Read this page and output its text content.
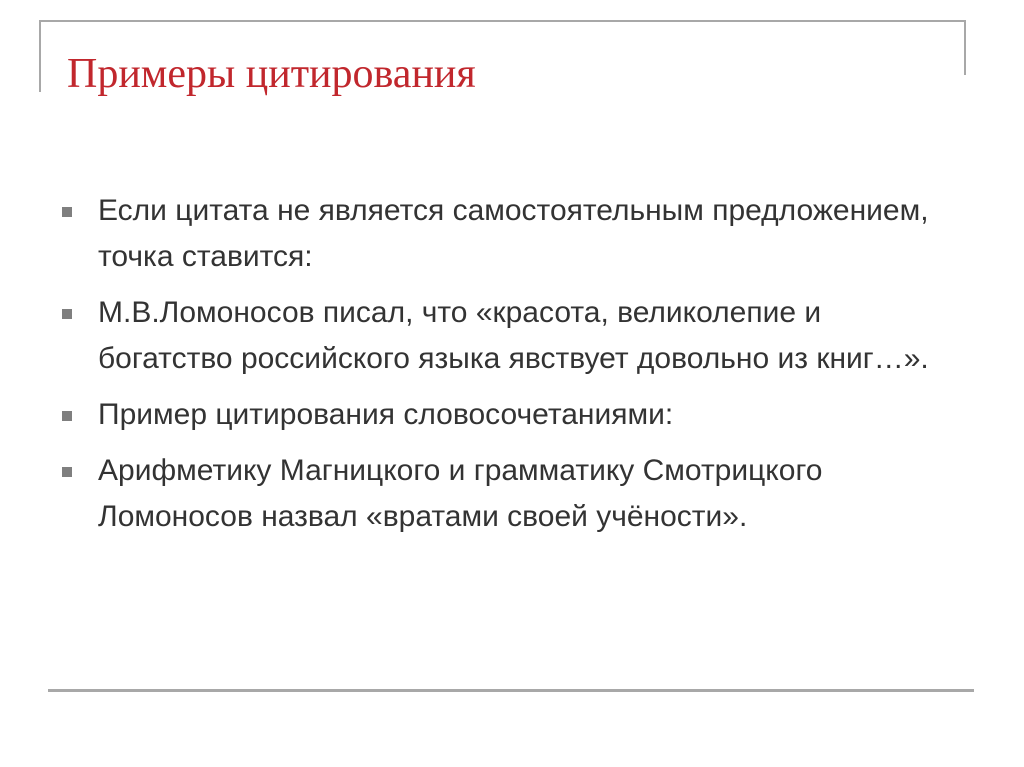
Примеры цитирования
Если цитата не является самостоятельным предложением, точка ставится:
М.В.Ломоносов писал, что «красота, великолепие и богатство российского языка явствует довольно из книг…».
Пример цитирования словосочетаниями:
Арифметику Магницкого и грамматику Смотрицкого Ломоносов назвал «вратами своей учёности».
